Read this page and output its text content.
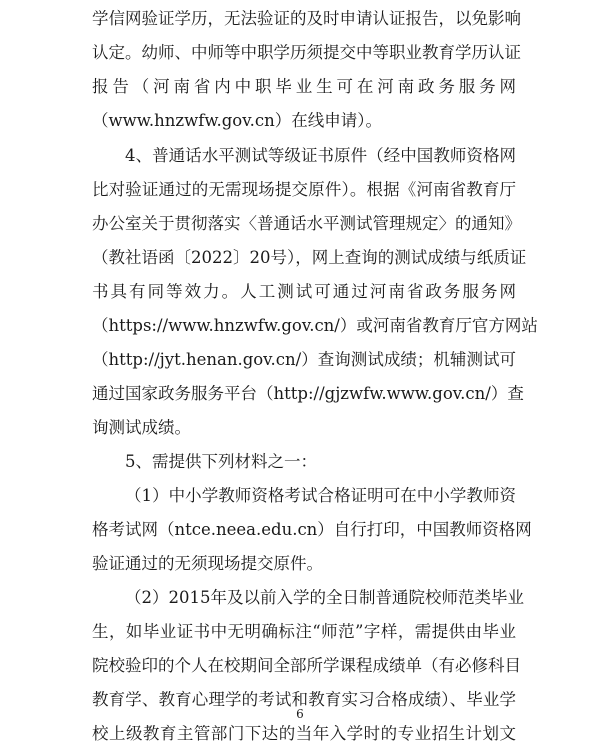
学信网验证学历，无法验证的及时申请认证报告，以免影响
认定。幼师、中师等中职学历须提交中等职业教育学历认证
报告（河南省内中职毕业生可在河南政务服务网
（www.hnzwfw.gov.cn）在线申请）。
4、普通话水平测试等级证书原件（经中国教师资格网
比对验证通过的无需现场提交原件）。根据《河南省教育厅
办公室关于贯彻落实〈普通话水平测试管理规定〉的通知》
（教社语函〔2022〕20号），网上查询的测试成绩与纸质证
书具有同等效力。人工测试可通过河南省政务服务网
（https://www.hnzwfw.gov.cn/）或河南省教育厅官方网站
（http://jyt.henan.gov.cn/）查询测试成绩；机辅测试可
通过国家政务服务平台（http://gjzwfw.www.gov.cn/）查
询测试成绩。
5、需提供下列材料之一：
（1）中小学教师资格考试合格证明可在中小学教师资
格考试网（ntce.neea.edu.cn）自行打印，中国教师资格网
验证通过的无须现场提交原件。
（2）2015年及以前入学的全日制普通院校师范类毕业
生，如毕业证书中无明确标注“师范”字样，需提供由毕业
院校验印的个人在校期间全部所学课程成绩单（有必修科目
教育学、教育心理学的考试和教育实习合格成绩）、毕业学
校上级教育主管部门下达的当年入学时的专业招生计划文
6
